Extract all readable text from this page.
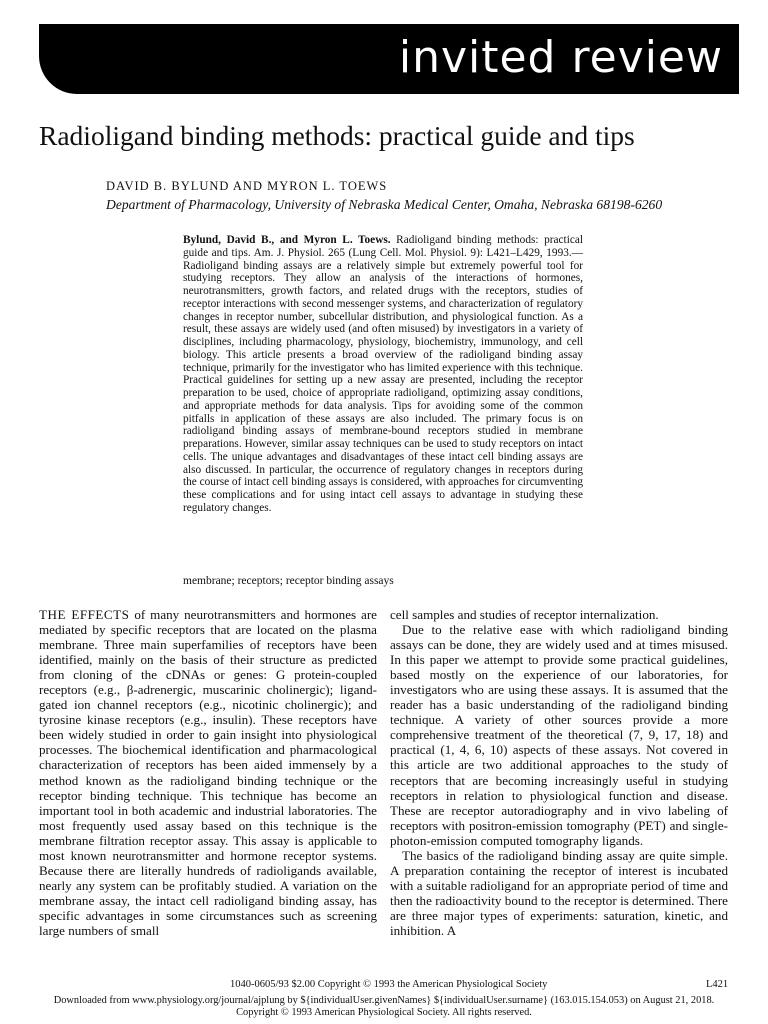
invited review
Radioligand binding methods: practical guide and tips
DAVID B. BYLUND AND MYRON L. TOEWS
Department of Pharmacology, University of Nebraska Medical Center, Omaha, Nebraska 68198-6260
Bylund, David B., and Myron L. Toews. Radioligand binding methods: practical guide and tips. Am. J. Physiol. 265 (Lung Cell. Mol. Physiol. 9): L421–L429, 1993.—Radioligand binding assays are a relatively simple but extremely powerful tool for studying receptors. They allow an analysis of the interactions of hormones, neurotransmitters, growth factors, and related drugs with the receptors, studies of receptor interactions with second messenger systems, and characterization of regulatory changes in receptor number, subcellular distribution, and physiological function. As a result, these assays are widely used (and often misused) by investigators in a variety of disciplines, including pharmacology, physiology, biochemistry, immunology, and cell biology. This article presents a broad overview of the radioligand binding assay technique, primarily for the investigator who has limited experience with this technique. Practical guidelines for setting up a new assay are presented, including the receptor preparation to be used, choice of appropriate radioligand, optimizing assay conditions, and appropriate methods for data analysis. Tips for avoiding some of the common pitfalls in application of these assays are also included. The primary focus is on radioligand binding assays of membrane-bound receptors studied in membrane preparations. However, similar assay techniques can be used to study receptors on intact cells. The unique advantages and disadvantages of these intact cell binding assays are also discussed. In particular, the occurrence of regulatory changes in receptors during the course of intact cell binding assays is considered, with approaches for circumventing these complications and for using intact cell assays to advantage in studying these regulatory changes.
membrane; receptors; receptor binding assays

THE EFFECTS of many neurotransmitters and hormones are mediated by specific receptors that are located on the plasma membrane. Three main superfamilies of receptors have been identified, mainly on the basis of their structure as predicted from cloning of the cDNAs or genes: G protein-coupled receptors (e.g., β-adrenergic, muscarinic cholinergic); ligand-gated ion channel receptors (e.g., nicotinic cholinergic); and tyrosine kinase receptors (e.g., insulin). These receptors have been widely studied in order to gain insight into physiological processes. The biochemical identification and pharmacological characterization of receptors has been aided immensely by a method known as the radioligand binding technique or the receptor binding technique. This technique has become an important tool in both academic and industrial laboratories. The most frequently used assay based on this technique is the membrane filtration receptor assay. This assay is applicable to most known neurotransmitter and hormone receptor systems. Because there are literally hundreds of radioligands available, nearly any system can be profitably studied. A variation on the membrane assay, the intact cell radioligand binding assay, has specific advantages in some circumstances such as screening large numbers of small

cell samples and studies of receptor internalization.

Due to the relative ease with which radioligand binding assays can be done, they are widely used and at times misused. In this paper we attempt to provide some practical guidelines, based mostly on the experience of our laboratories, for investigators who are using these assays. It is assumed that the reader has a basic understanding of the radioligand binding technique. A variety of other sources provide a more comprehensive treatment of the theoretical (7, 9, 17, 18) and practical (1, 4, 6, 10) aspects of these assays. Not covered in this article are two additional approaches to the study of receptors that are becoming increasingly useful in studying receptors in relation to physiological function and disease. These are receptor autoradiography and in vivo labeling of receptors with positron-emission tomography (PET) and single-photon-emission computed tomography ligands.

The basics of the radioligand binding assay are quite simple. A preparation containing the receptor of interest is incubated with a suitable radioligand for an appropriate period of time and then the radioactivity bound to the receptor is determined. There are three major types of experiments: saturation, kinetic, and inhibition. A

1040-0605/93 $2.00 Copyright © 1993 the American Physiological Society	L421
Downloaded from www.physiology.org/journal/ajplung by ${individualUser.givenNames} ${individualUser.surname} (163.015.154.053) on August 21, 2018.
Copyright © 1993 American Physiological Society. All rights reserved.
